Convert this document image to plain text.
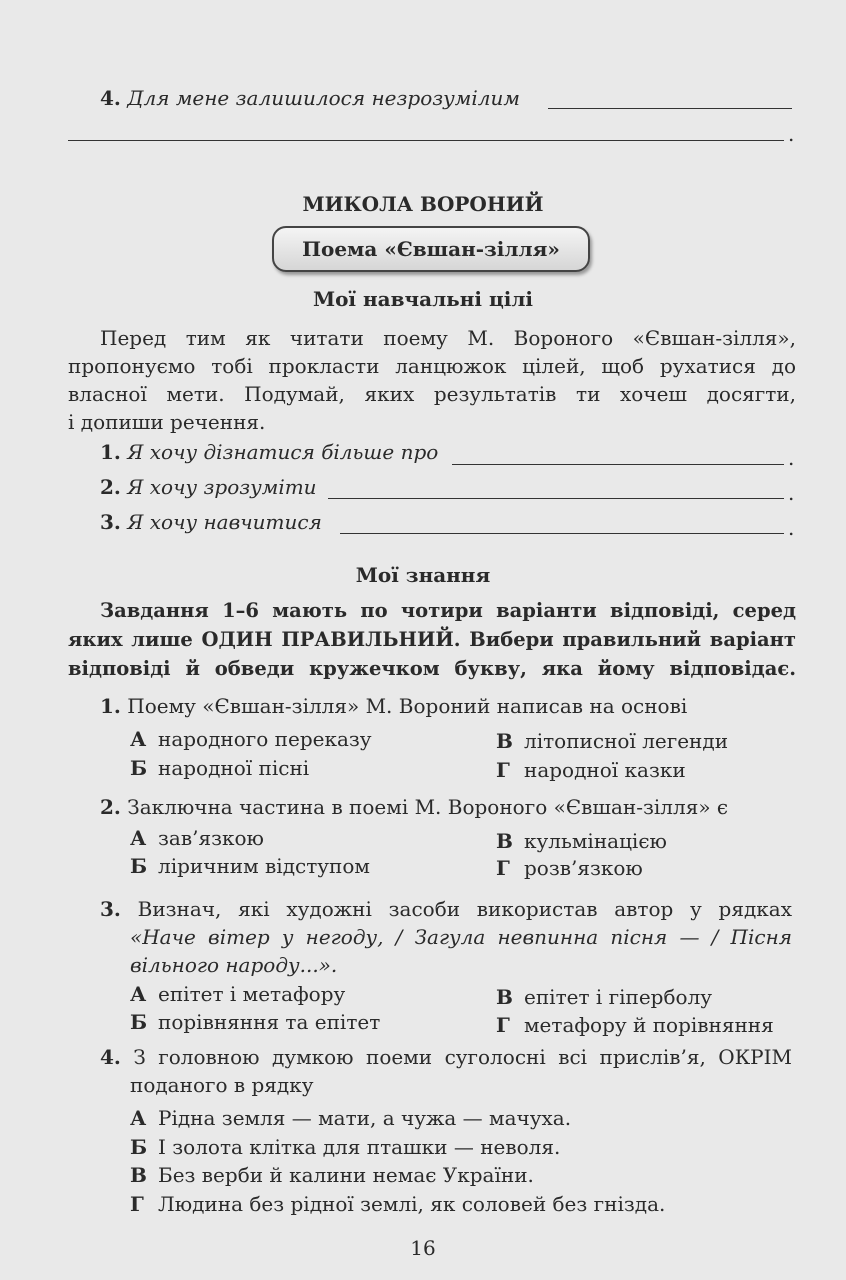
4. Для мене залишилося незрозумілим
.
МИКОЛА ВОРОНИЙ
Поема «Євшан-зілля»
Мої навчальні цілі
Перед тим як читати поему М. Вороного «Євшан-зілля»,
пропонуємо тобі прокласти ланцюжок цілей, щоб рухатися до
власної мети. Подумай, яких результатів ти хочеш досягти,
і допиши речення.
1. Я хочу дізнатися більше про	.
2. Я хочу зрозуміти	.
3. Я хочу навчитися	.
Мої знання
Завдання 1–6 мають по чотири варіанти відповіді, серед
яких лише ОДИН ПРАВИЛЬНИЙ. Вибери правильний варіант
відповіді й обведи кружечком букву, яка йому відповідає.
1. Поему «Євшан-зілля» М. Вороний написав на основі
А народного переказу	В літописної легенди
Б народної пісні	Г народної казки
2. Заключна частина в поемі М. Вороного «Євшан-зілля» є
А зав’язкою	В кульмінацією
Б ліричним відступом	Г розв’язкою
3. Визнач, які художні засоби використав автор у рядках
«Наче вітер у негоду, / Загула невпинна пісня — / Пісня
вільного народу...».
А епітет і метафору	В епітет і гіперболу
Б порівняння та епітет	Г метафору й порівняння
4. З головною думкою поеми суголосні всі прислів’я, ОКРІМ
поданого в рядку
А Рідна земля — мати, а чужа — мачуха.
Б І золота клітка для пташки — неволя.
В Без верби й калини немає України.
Г Людина без рідної землі, як соловей без гнізда.
16
